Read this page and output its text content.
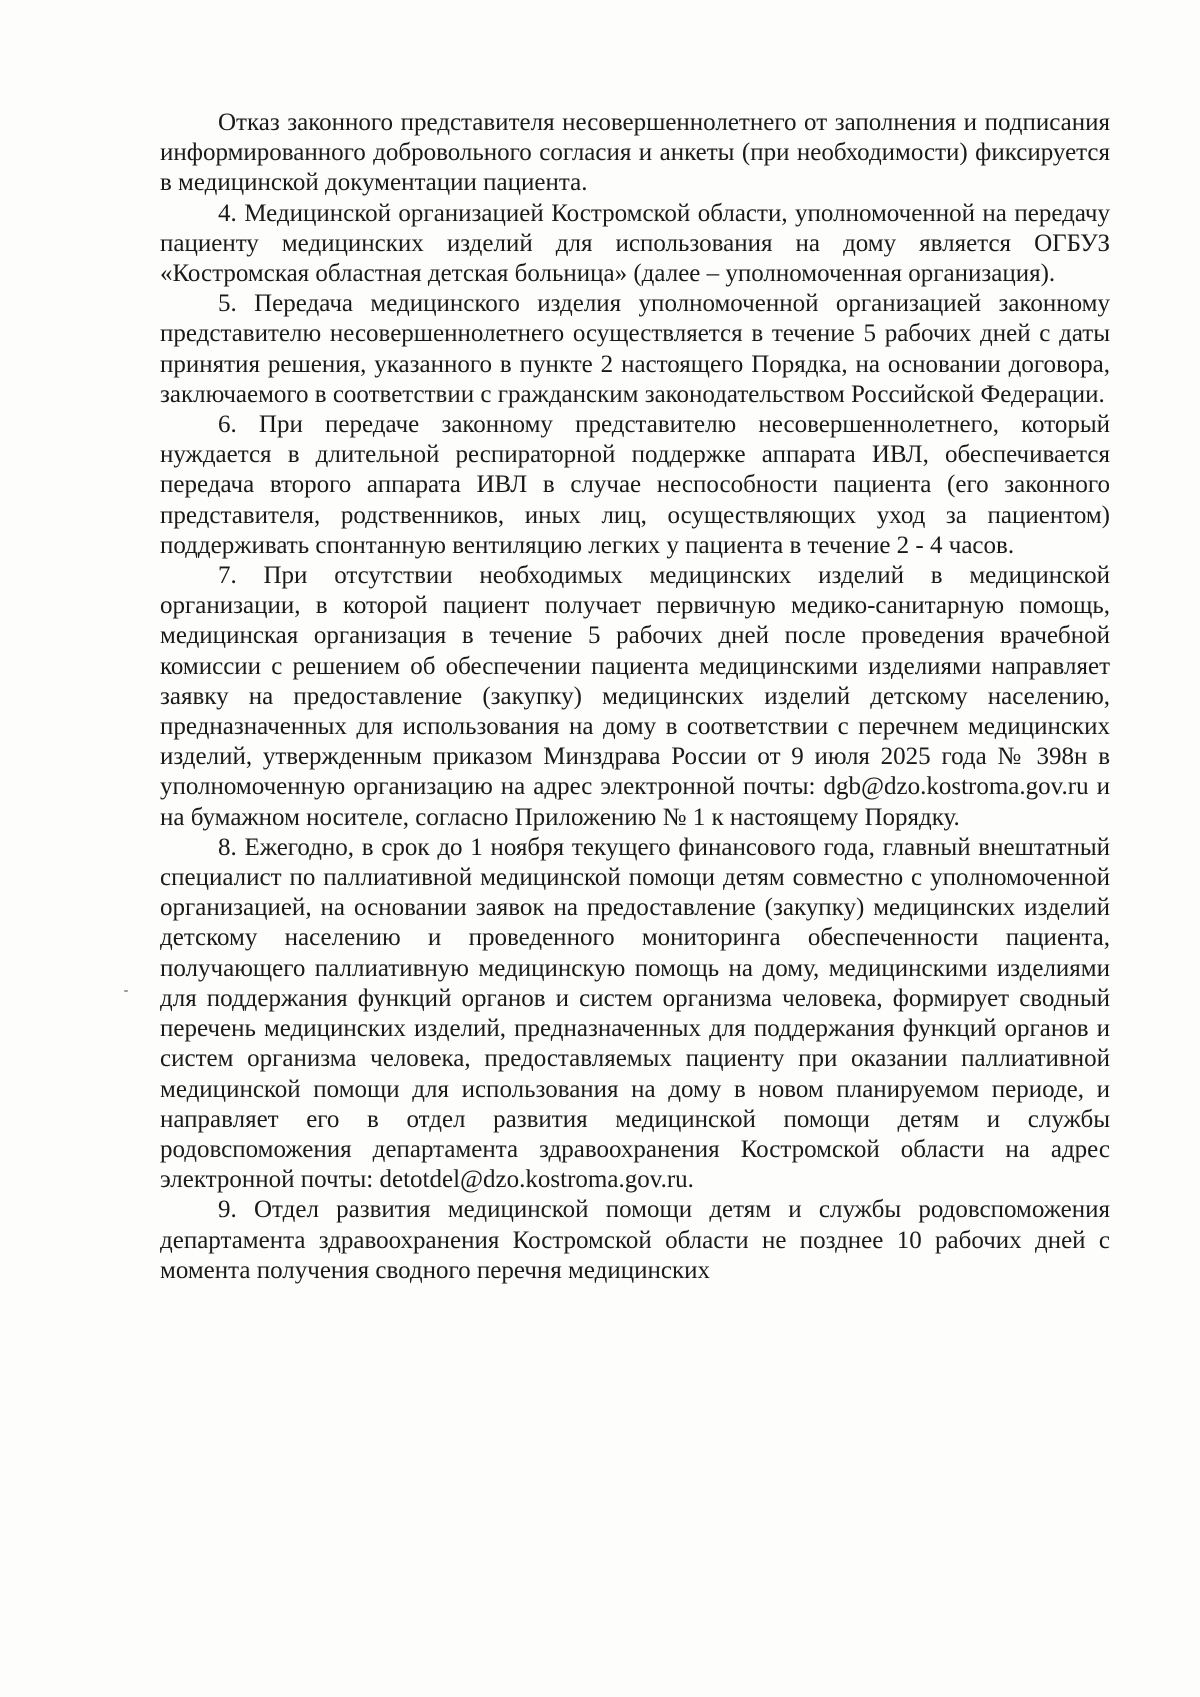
Отказ законного представителя несовершеннолетнего от заполнения и подписания информированного добровольного согласия и анкеты (при необходимости) фиксируется в медицинской документации пациента.

4. Медицинской организацией Костромской области, уполномоченной на передачу пациенту медицинских изделий для использования на дому является ОГБУЗ «Костромская областная детская больница» (далее – уполномоченная организация).

5. Передача медицинского изделия уполномоченной организацией законному представителю несовершеннолетнего осуществляется в течение 5 рабочих дней с даты принятия решения, указанного в пункте 2 настоящего Порядка, на основании договора, заключаемого в соответствии с гражданским законодательством Российской Федерации.

6. При передаче законному представителю несовершеннолетнего, который нуждается в длительной респираторной поддержке аппарата ИВЛ, обеспечивается передача второго аппарата ИВЛ в случае неспособности пациента (его законного представителя, родственников, иных лиц, осуществляющих уход за пациентом) поддерживать спонтанную вентиляцию легких у пациента в течение 2 - 4 часов.

7. При отсутствии необходимых медицинских изделий в медицинской организации, в которой пациент получает первичную медико-санитарную помощь, медицинская организация в течение 5 рабочих дней после проведения врачебной комиссии с решением об обеспечении пациента медицинскими изделиями направляет заявку на предоставление (закупку) медицинских изделий детскому населению, предназначенных для использования на дому в соответствии с перечнем медицинских изделий, утвержденным приказом Минздрава России от 9 июля 2025 года № 398н в уполномоченную организацию на адрес электронной почты: dgb@dzo.kostroma.gov.ru и на бумажном носителе, согласно Приложению № 1 к настоящему Порядку.

8. Ежегодно, в срок до 1 ноября текущего финансового года, главный внештатный специалист по паллиативной медицинской помощи детям совместно с уполномоченной организацией, на основании заявок на предоставление (закупку) медицинских изделий детскому населению и проведенного мониторинга обеспеченности пациента, получающего паллиативную медицинскую помощь на дому, медицинскими изделиями для поддержания функций органов и систем организма человека, формирует сводный перечень медицинских изделий, предназначенных для поддержания функций органов и систем организма человека, предоставляемых пациенту при оказании паллиативной медицинской помощи для использования на дому в новом планируемом периоде, и направляет его в отдел развития медицинской помощи детям и службы родовспоможения департамента здравоохранения Костромской области на адрес электронной почты: detotdel@dzo.kostroma.gov.ru.

9. Отдел развития медицинской помощи детям и службы родовспоможения департамента здравоохранения Костромской области не позднее 10 рабочих дней с момента получения сводного перечня медицинских
